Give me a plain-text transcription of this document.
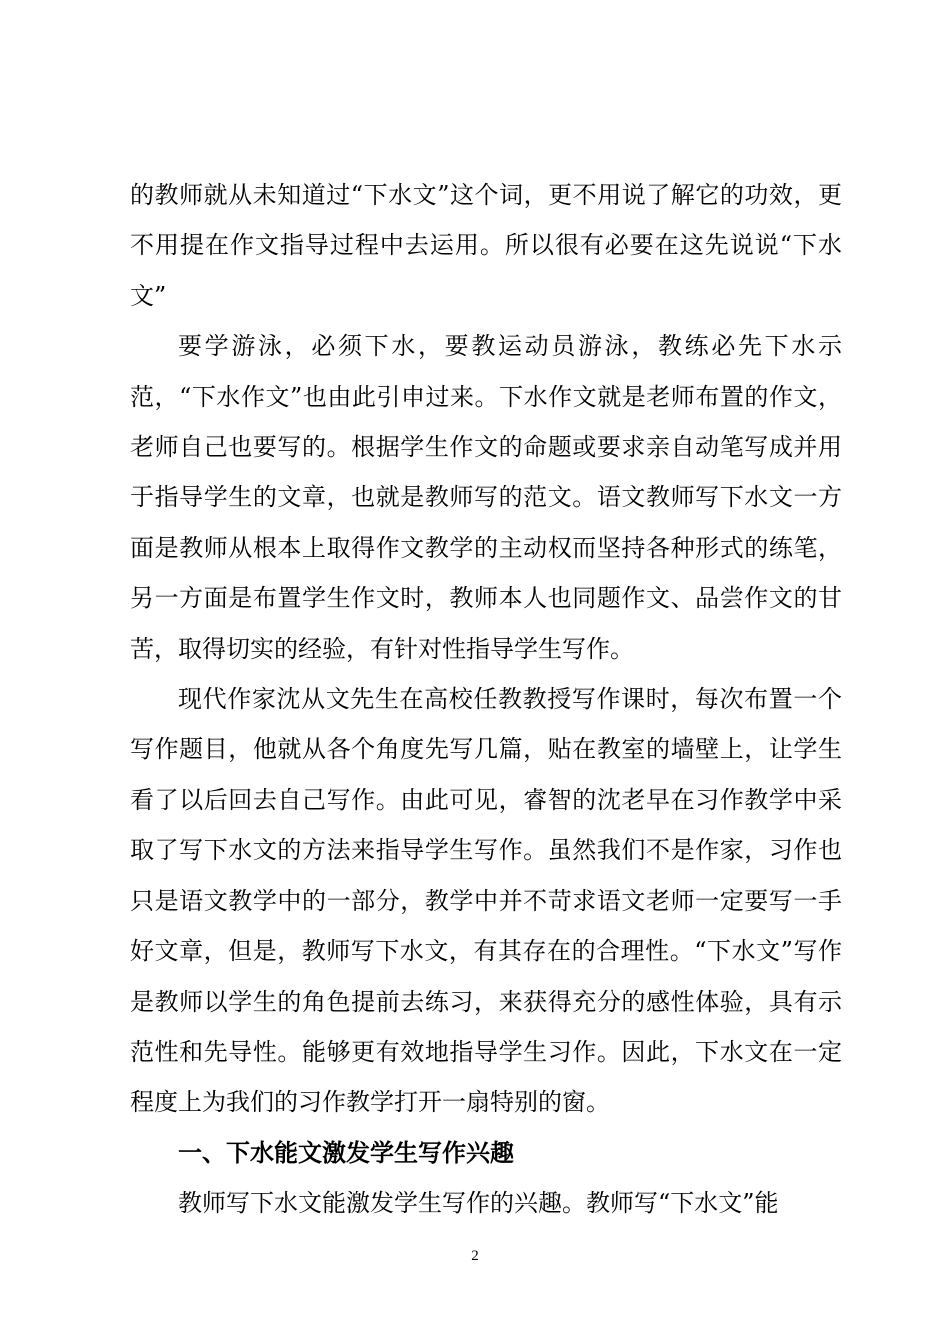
的教师就从未知道过“下水文”这个词，更不用说了解它的功效，更不用提在作文指导过程中去运用。所以很有必要在这先说说“下水文”

要学游泳，必须下水，要教运动员游泳，教练必先下水示范，“下水作文”也由此引申过来。下水作文就是老师布置的作文，老师自己也要写的。根据学生作文的命题或要求亲自动笔写成并用于指导学生的文章，也就是教师写的范文。语文教师写下水文一方面是教师从根本上取得作文教学的主动权而坚持各种形式的练笔，另一方面是布置学生作文时，教师本人也同题作文、品尝作文的甘苦，取得切实的经验，有针对性指导学生写作。

现代作家沈从文先生在高校任教教授写作课时，每次布置一个写作题目，他就从各个角度先写几篇，贴在教室的墙壁上，让学生看了以后回去自己写作。由此可见，睿智的沈老早在习作教学中采取了写下水文的方法来指导学生写作。虽然我们不是作家，习作也只是语文教学中的一部分，教学中并不苛求语文老师一定要写一手好文章，但是，教师写下水文，有其存在的合理性。“下水文”写作是教师以学生的角色提前去练习，来获得充分的感性体验，具有示范性和先导性。能够更有效地指导学生习作。因此，下水文在一定程度上为我们的习作教学打开一扇特别的窗。

一、下水能文激发学生写作兴趣

教师写下水文能激发学生写作的兴趣。教师写“下水文”能

2
